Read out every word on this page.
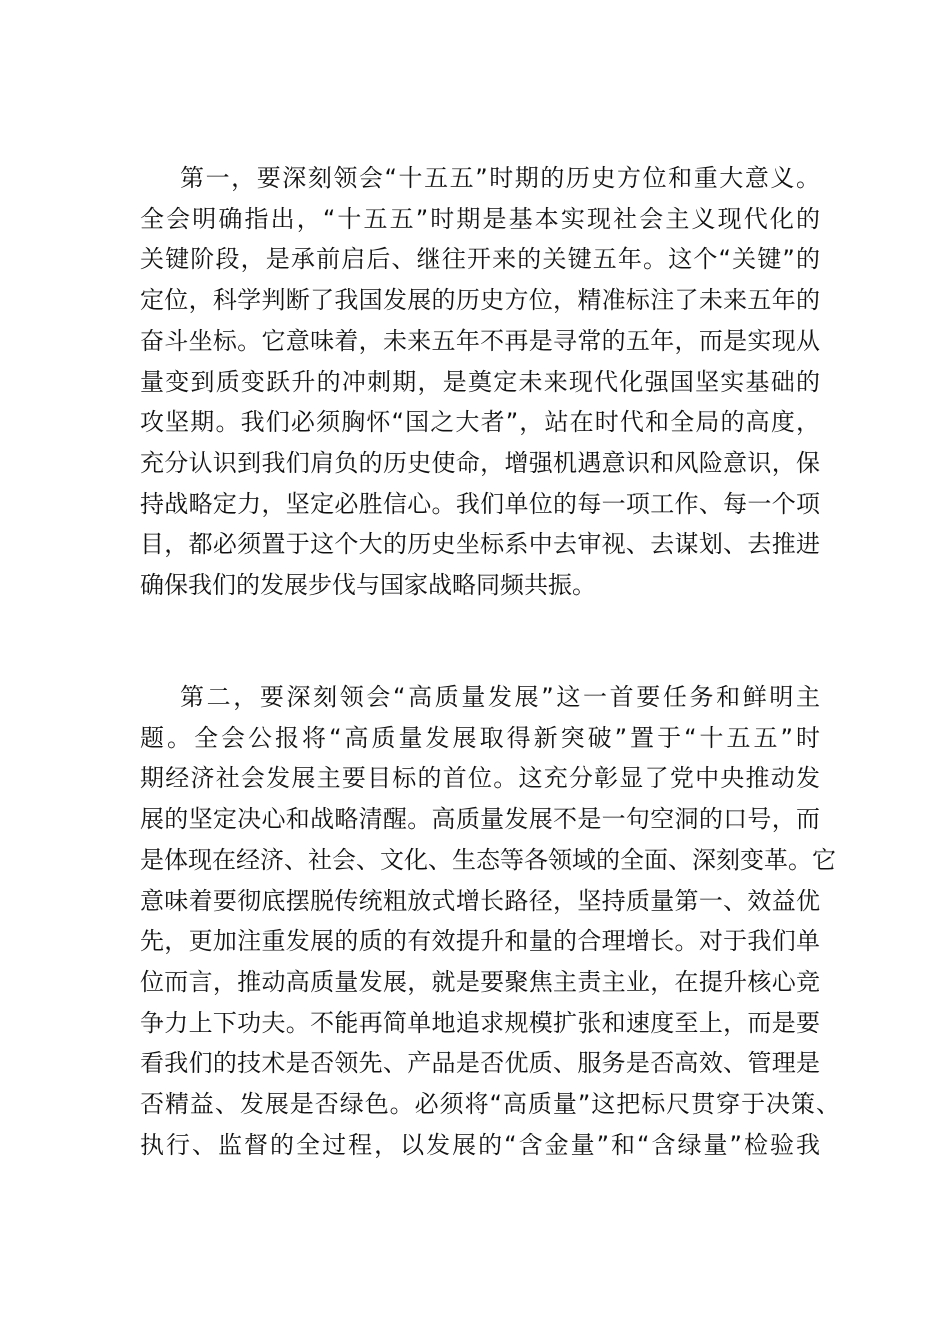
第一，要深刻领会“十五五”时期的历史方位和重大意义。
全会明确指出，“十五五”时期是基本实现社会主义现代化的
关键阶段，是承前启后、继往开来的关键五年。这个“关键”的
定位，科学判断了我国发展的历史方位，精准标注了未来五年的
奋斗坐标。它意味着，未来五年不再是寻常的五年，而是实现从
量变到质变跃升的冲刺期，是奠定未来现代化强国坚实基础的
攻坚期。我们必须胸怀“国之大者”，站在时代和全局的高度，
充分认识到我们肩负的历史使命，增强机遇意识和风险意识，保
持战略定力，坚定必胜信心。我们单位的每一项工作、每一个项
目，都必须置于这个大的历史坐标系中去审视、去谋划、去推进
确保我们的发展步伐与国家战略同频共振。
第二，要深刻领会“高质量发展”这一首要任务和鲜明主
题。全会公报将“高质量发展取得新突破”置于“十五五”时
期经济社会发展主要目标的首位。这充分彰显了党中央推动发
展的坚定决心和战略清醒。高质量发展不是一句空洞的口号，而
是体现在经济、社会、文化、生态等各领域的全面、深刻变革。它
意味着要彻底摆脱传统粗放式增长路径，坚持质量第一、效益优
先，更加注重发展的质的有效提升和量的合理增长。对于我们单
位而言，推动高质量发展，就是要聚焦主责主业，在提升核心竞
争力上下功夫。不能再简单地追求规模扩张和速度至上，而是要
看我们的技术是否领先、产品是否优质、服务是否高效、管理是
否精益、发展是否绿色。必须将“高质量”这把标尺贯穿于决策、
执行、监督的全过程，以发展的“含金量”和“含绿量”检验我
